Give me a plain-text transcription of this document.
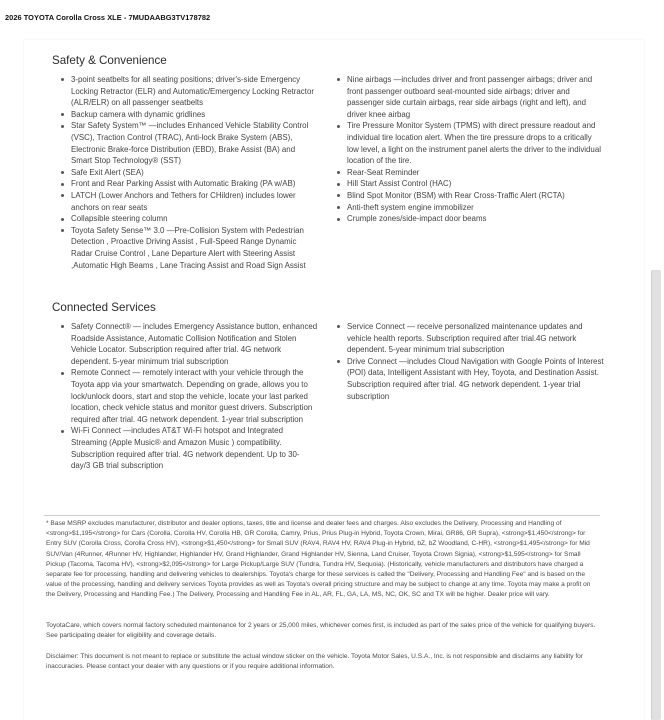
2026 TOYOTA Corolla Cross XLE - 7MUDAABG3TV178782
Safety & Convenience
3-point seatbelts for all seating positions; driver's-side Emergency Locking Retractor (ELR) and Automatic/Emergency Locking Retractor (ALR/ELR) on all passenger seatbelts
Backup camera with dynamic gridlines
Star Safety System™ —includes Enhanced Vehicle Stability Control (VSC), Traction Control (TRAC), Anti-lock Brake System (ABS), Electronic Brake-force Distribution (EBD), Brake Assist (BA) and Smart Stop Technology® (SST)
Safe Exit Alert (SEA)
Front and Rear Parking Assist with Automatic Braking (PA w/AB)
LATCH (Lower Anchors and Tethers for CHildren) includes lower anchors on rear seats
Collapsible steering column
Toyota Safety Sense™ 3.0 —Pre-Collision System with Pedestrian Detection , Proactive Driving Assist , Full-Speed Range Dynamic Radar Cruise Control , Lane Departure Alert with Steering Assist ,Automatic High Beams , Lane Tracing Assist and Road Sign Assist
Nine airbags —includes driver and front passenger airbags; driver and front passenger outboard seat-mounted side airbags; driver and passenger side curtain airbags, rear side airbags (right and left), and driver knee airbag
Tire Pressure Monitor System (TPMS) with direct pressure readout and individual tire location alert. When the tire pressure drops to a critically low level, a light on the instrument panel alerts the driver to the individual location of the tire.
Rear-Seat Reminder
Hill Start Assist Control (HAC)
Blind Spot Monitor (BSM) with Rear Cross-Traffic Alert (RCTA)
Anti-theft system engine immobilizer
Crumple zones/side-impact door beams
Connected Services
Safety Connect® — includes Emergency Assistance button, enhanced Roadside Assistance, Automatic Collision Notification and Stolen Vehicle Locator. Subscription required after trial. 4G network dependent. 5-year minimum trial subscription
Remote Connect — remotely interact with your vehicle through the Toyota app via your smartwatch. Depending on grade, allows you to lock/unlock doors, start and stop the vehicle, locate your last parked location, check vehicle status and monitor guest drivers. Subscription required after trial. 4G network dependent. 1-year trial subscription
Wi-Fi Connect —includes AT&T Wi-Fi hotspot and Integrated Streaming (Apple Music® and Amazon Music ) compatibility. Subscription required after trial. 4G network dependent. Up to 30-day/3 GB trial subscription
Service Connect — receive personalized maintenance updates and vehicle health reports. Subscription required after trial.4G network dependent. 5-year minimum trial subscription
Drive Connect —includes Cloud Navigation with Google Points of Interest (POI) data, Intelligent Assistant with Hey, Toyota, and Destination Assist. Subscription required after trial. 4G network dependent. 1-year trial subscription

* Base MSRP excludes manufacturer, distributor and dealer options, taxes, title and license and dealer fees and charges. Also excludes the Delivery, Processing and Handling of <strong>$1,195</strong> for Cars (Corolla, Corolla HV, Corolla HB, GR Corolla, Camry, Prius, Prius Plug-in Hybrid, Toyota Crown, Mirai, GR86, GR Supra), <strong>$1,450</strong> for Entry SUV (Corolla Cross, Corolla Cross HV), <strong>$1,450</strong> for Small SUV (RAV4, RAV4 HV, RAV4 Plug-in Hybrid, bZ, bZ Woodland, C-HR), <strong>$1,495</strong> for Mid SUV/Van (4Runner, 4Runner HV, Highlander, Highlander HV, Grand Highlander, Grand Highlander HV, Sienna, Land Cruiser, Toyota Crown Signia), <strong>$1,595</strong> for Small Pickup (Tacoma, Tacoma HV), <strong>$2,095</strong> for Large Pickup/Large SUV (Tundra, Tundra HV, Sequoia). (Historically, vehicle manufacturers and distributors have charged a separate fee for processing, handling and delivering vehicles to dealerships. Toyota's charge for these services is called the "Delivery, Processing and Handling Fee" and is based on the value of the processing, handling and delivery services Toyota provides as well as Toyota's overall pricing structure and may be subject to change at any time. Toyota may make a profit on the Delivery, Processing and Handling Fee.) The Delivery, Processing and Handling Fee in AL, AR, FL, GA, LA, MS, NC, OK, SC and TX will be higher. Dealer price will vary.

ToyotaCare, which covers normal factory scheduled maintenance for 2 years or 25,000 miles, whichever comes first, is included as part of the sales price of the vehicle for qualifying buyers. See participating dealer for eligibility and coverage details.

Disclaimer: This document is not meant to replace or substitute the actual window sticker on the vehicle. Toyota Motor Sales, U.S.A., Inc. is not responsible and disclaims any liability for inaccuracies. Please contact your dealer with any questions or if you require additional information.
